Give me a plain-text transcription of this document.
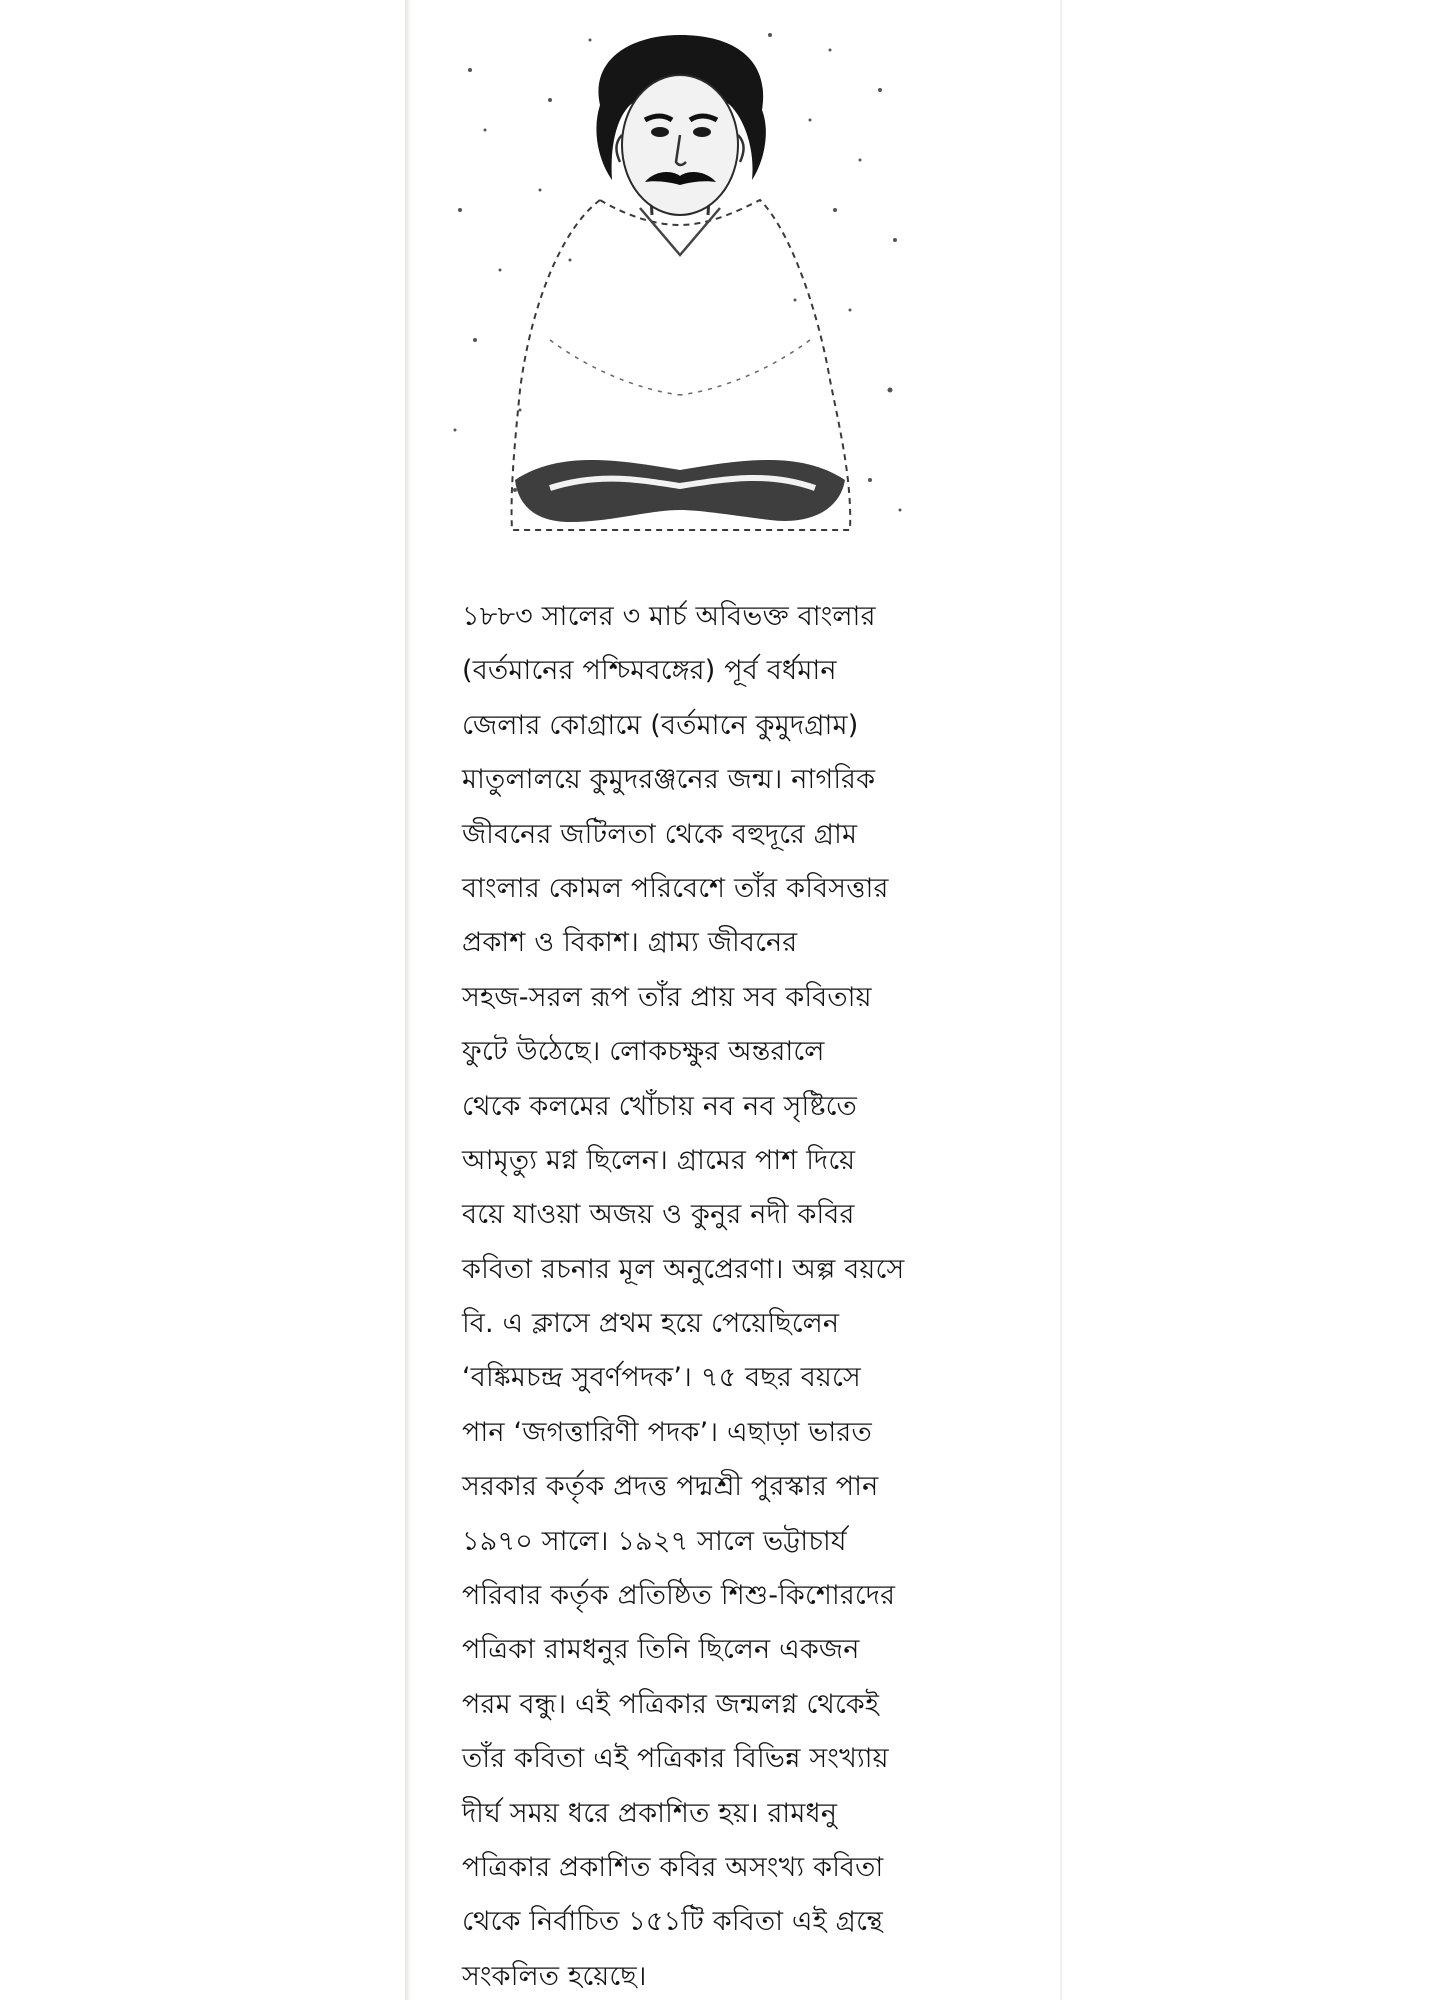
১৮৮৩ সালের ৩ মার্চ অবিভক্ত বাংলার
(বর্তমানের পশ্চিমবঙ্গের) পূর্ব বর্ধমান
জেলার কোগ্রামে (বর্তমানে কুমুদগ্রাম)
মাতুলালয়ে কুমুদরঞ্জনের জন্ম। নাগরিক
জীবনের জটিলতা থেকে বহুদূরে গ্রাম
বাংলার কোমল পরিবেশে তাঁর কবিসত্তার
প্রকাশ ও বিকাশ। গ্রাম্য জীবনের
সহজ-সরল রূপ তাঁর প্রায় সব কবিতায়
ফুটে উঠেছে। লোকচক্ষুর অন্তরালে
থেকে কলমের খোঁচায় নব নব সৃষ্টিতে
আমৃত্যু মগ্ন ছিলেন। গ্রামের পাশ দিয়ে
বয়ে যাওয়া অজয় ও কুনুর নদী কবির
কবিতা রচনার মূল অনুপ্রেরণা। অল্প বয়সে
বি. এ ক্লাসে প্রথম হয়ে পেয়েছিলেন
‘বঙ্কিমচন্দ্র সুবর্ণপদক’। ৭৫ বছর বয়সে
পান ‘জগত্তারিণী পদক’। এছাড়া ভারত
সরকার কর্তৃক প্রদত্ত পদ্মশ্রী পুরস্কার পান
১৯৭০ সালে। ১৯২৭ সালে ভট্টাচার্য
পরিবার কর্তৃক প্রতিষ্ঠিত শিশু-কিশোরদের
পত্রিকা রামধনুর তিনি ছিলেন একজন
পরম বন্ধু। এই পত্রিকার জন্মলগ্ন থেকেই
তাঁর কবিতা এই পত্রিকার বিভিন্ন সংখ্যায়
দীর্ঘ সময় ধরে প্রকাশিত হয়। রামধনু
পত্রিকার প্রকাশিত কবির অসংখ্য কবিতা
থেকে নির্বাচিত ১৫১টি কবিতা এই গ্রন্থে
সংকলিত হয়েছে।
